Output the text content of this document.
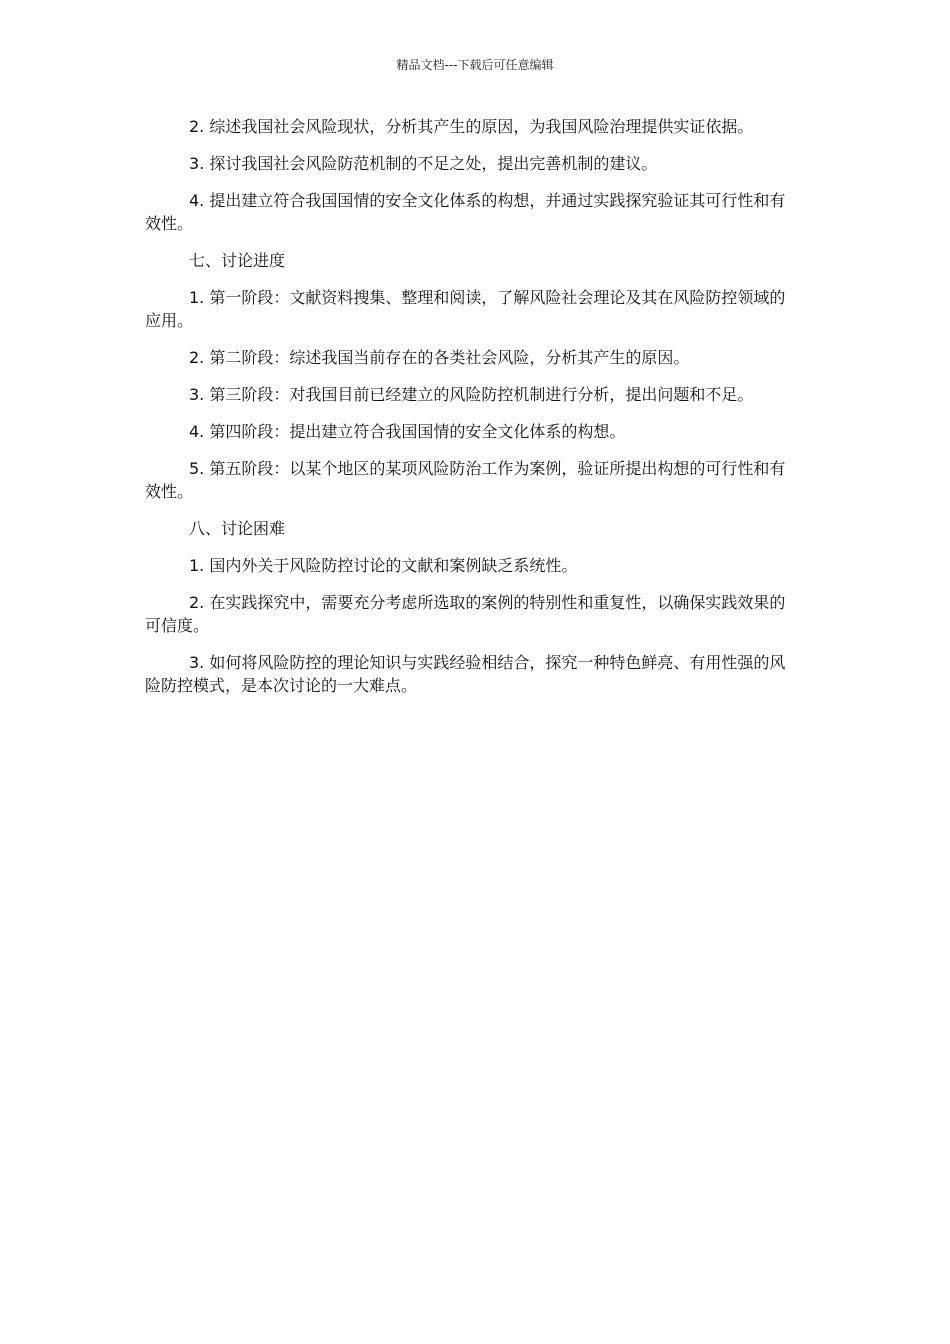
精品文档---下载后可任意编辑

2. 综述我国社会风险现状，分析其产生的原因，为我国风险治理提供实证依据。

3. 探讨我国社会风险防范机制的不足之处，提出完善机制的建议。

4. 提出建立符合我国国情的安全文化体系的构想，并通过实践探究验证其可行性和有效性。

七、讨论进度

1. 第一阶段：文献资料搜集、整理和阅读，了解风险社会理论及其在风险防控领域的应用。

2. 第二阶段：综述我国当前存在的各类社会风险，分析其产生的原因。

3. 第三阶段：对我国目前已经建立的风险防控机制进行分析，提出问题和不足。

4. 第四阶段：提出建立符合我国国情的安全文化体系的构想。

5. 第五阶段：以某个地区的某项风险防治工作为案例，验证所提出构想的可行性和有效性。

八、讨论困难

1. 国内外关于风险防控讨论的文献和案例缺乏系统性。

2. 在实践探究中，需要充分考虑所选取的案例的特别性和重复性，以确保实践效果的可信度。

3. 如何将风险防控的理论知识与实践经验相结合，探究一种特色鲜亮、有用性强的风险防控模式，是本次讨论的一大难点。
